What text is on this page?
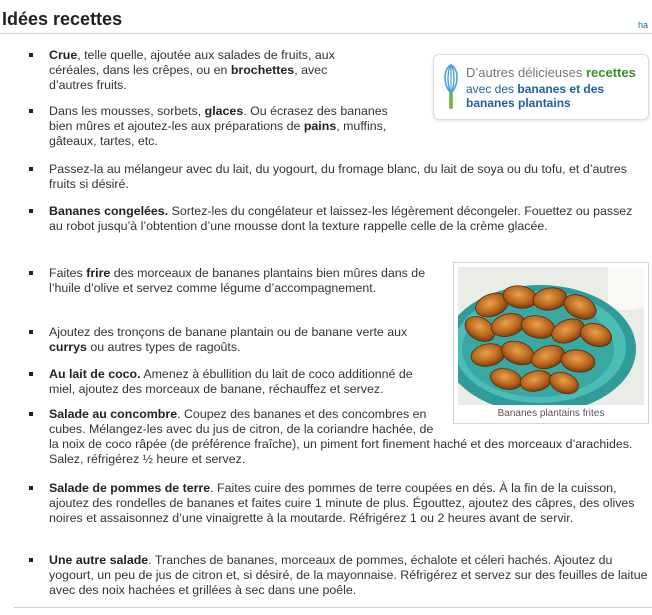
Idées recettes	ha
Crue, telle quelle, ajoutée aux salades de fruits, aux céréales, dans les crêpes, ou en brochettes, avec d’autres fruits.
Dans les mousses, sorbets, glaces. Ou écrasez des bananes bien mûres et ajoutez-les aux préparations de pains, muffins, gâteaux, tartes, etc.
Passez-la au mélangeur avec du lait, du yogourt, du fromage blanc, du lait de soya ou du tofu, et d’autres fruits si désiré.
Bananes congelées. Sortez-les du congélateur et laissez-les légèrement décongeler. Fouettez ou passez au robot jusqu’à l’obtention d’une mousse dont la texture rappelle celle de la crème glacée.
Faites frire des morceaux de bananes plantains bien mûres dans de l’huile d’olive et servez comme légume d’accompagnement.
Ajoutez des tronçons de banane plantain ou de banane verte aux currys ou autres types de ragoûts.
Au lait de coco. Amenez à ébullition du lait de coco additionné de miel, ajoutez des morceaux de banane, réchauffez et servez.
Salade au concombre. Coupez des bananes et des concombres en cubes. Mélangez-les avec du jus de citron, de la coriandre hachée, de la noix de coco râpée (de préférence fraîche), un piment fort finement haché et des morceaux d’arachides. Salez, réfrigérez ½ heure et servez.
Salade de pommes de terre. Faites cuire des pommes de terre coupées en dés. À la fin de la cuisson, ajoutez des rondelles de bananes et faites cuire 1 minute de plus. Égouttez, ajoutez des câpres, des olives noires et assaisonnez d’une vinaigrette à la moutarde. Réfrigérez 1 ou 2 heures avant de servir.
Une autre salade. Tranches de bananes, morceaux de pommes, échalote et céleri hachés. Ajoutez du yogourt, un peu de jus de citron et, si désiré, de la mayonnaise. Réfrigérez et servez sur des feuilles de laitue avec des noix hachées et grillées à sec dans une poêle.
D’autres délicieuses recettes
avec des bananes et des bananes plantains
Bananes plantains frites
